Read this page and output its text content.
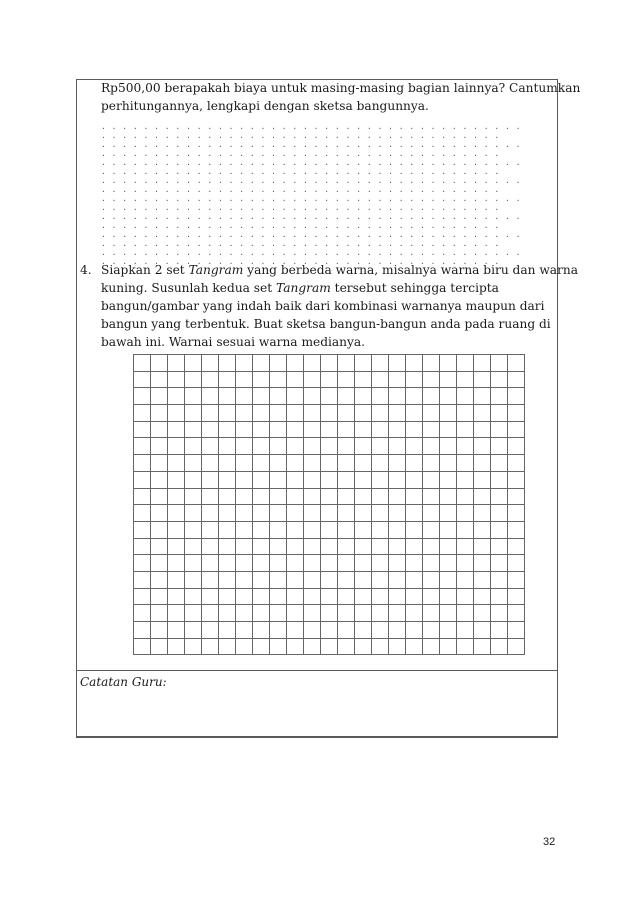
Rp500,00 berapakah biaya untuk masing-masing bagian lainnya? Cantumkan
perhitungannya, lengkapi dengan sketsa bangunnya.
. . . . . . . . . . . . . . . . . . . . . . . . . . . . . . . . . . . . . . . . . . . . . . . . . . . . . . . . . . . . . . . . . . . . . . . . . . . . . .
. . . . . . . . . . . . . . . . . . . . . . . . . . . . . . . . . . . . . . . . . . . . . . . . . . . . . . . . . . . . . . . . . . . . . . . . . . . . . .
. . . . . . . . . . . . . . . . . . . . . . . . . . . . . . . . . . . . . . . . . . . . . . . . . . . . . . . . . . . . . . . . . . . . . . . . . . . . . .
. . . . . . . . . . . . . . . . . . . . . . . . . . . . . . . . . . . . . . . . . . . . . . . . . . . . . . . . . . . . . . . . . . . . . . . . . . . . . .
. . . . . . . . . . . . . . . . . . . . . . . . . . . . . . . . . . . . . . . . . . . . . . . . . . . . . . . . . . . . . . . . . . . . . . . . . . . . . .
. . . . . . . . . . . . . . . . . . . . . . . . . . . . . . . . . . . . . . . . . . . . . . . . . . . . . . . . . . . . . . . . . . . . . . . . . . . . . .
. . . . . . . . . . . . . . . . . . . . . . . . . . . . . . . . . . . . . . . . . . . . . . . . . . . . . . . . . . . . . . . . . . . . . . . . . . . . . .
. . . . . . . . . . . . . . . . . . . . . . . . . . . . . . . . . . . . . . . . . . . . . . . . . . . . . . . . . . . . . . . . . . . . . . . . . . . . . .
4. Siapkan 2 set Tangram yang berbeda warna, misalnya warna biru dan warna
kuning. Susunlah kedua set Tangram tersebut sehingga tercipta
bangun/gambar yang indah baik dari kombinasi warnanya maupun dari
bangun yang terbentuk. Buat sketsa bangun-bangun anda pada ruang di
bawah ini. Warnai sesuai warna medianya.
Catatan Guru:
32
